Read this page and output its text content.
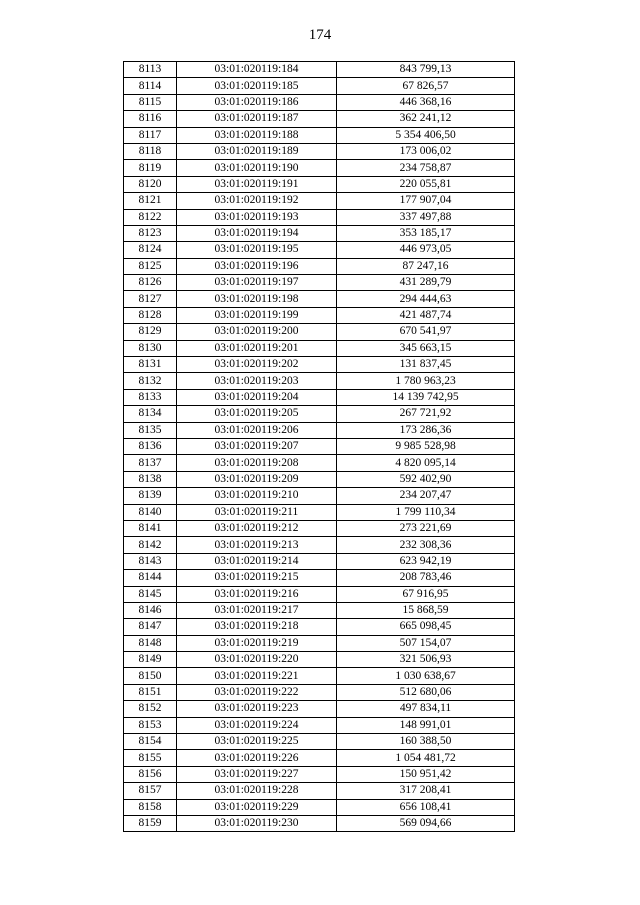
174
8113	03:01:020119:184	843 799,13
8114	03:01:020119:185	67 826,57
8115	03:01:020119:186	446 368,16
8116	03:01:020119:187	362 241,12
8117	03:01:020119:188	5 354 406,50
8118	03:01:020119:189	173 006,02
8119	03:01:020119:190	234 758,87
8120	03:01:020119:191	220 055,81
8121	03:01:020119:192	177 907,04
8122	03:01:020119:193	337 497,88
8123	03:01:020119:194	353 185,17
8124	03:01:020119:195	446 973,05
8125	03:01:020119:196	87 247,16
8126	03:01:020119:197	431 289,79
8127	03:01:020119:198	294 444,63
8128	03:01:020119:199	421 487,74
8129	03:01:020119:200	670 541,97
8130	03:01:020119:201	345 663,15
8131	03:01:020119:202	131 837,45
8132	03:01:020119:203	1 780 963,23
8133	03:01:020119:204	14 139 742,95
8134	03:01:020119:205	267 721,92
8135	03:01:020119:206	173 286,36
8136	03:01:020119:207	9 985 528,98
8137	03:01:020119:208	4 820 095,14
8138	03:01:020119:209	592 402,90
8139	03:01:020119:210	234 207,47
8140	03:01:020119:211	1 799 110,34
8141	03:01:020119:212	273 221,69
8142	03:01:020119:213	232 308,36
8143	03:01:020119:214	623 942,19
8144	03:01:020119:215	208 783,46
8145	03:01:020119:216	67 916,95
8146	03:01:020119:217	15 868,59
8147	03:01:020119:218	665 098,45
8148	03:01:020119:219	507 154,07
8149	03:01:020119:220	321 506,93
8150	03:01:020119:221	1 030 638,67
8151	03:01:020119:222	512 680,06
8152	03:01:020119:223	497 834,11
8153	03:01:020119:224	148 991,01
8154	03:01:020119:225	160 388,50
8155	03:01:020119:226	1 054 481,72
8156	03:01:020119:227	150 951,42
8157	03:01:020119:228	317 208,41
8158	03:01:020119:229	656 108,41
8159	03:01:020119:230	569 094,66
